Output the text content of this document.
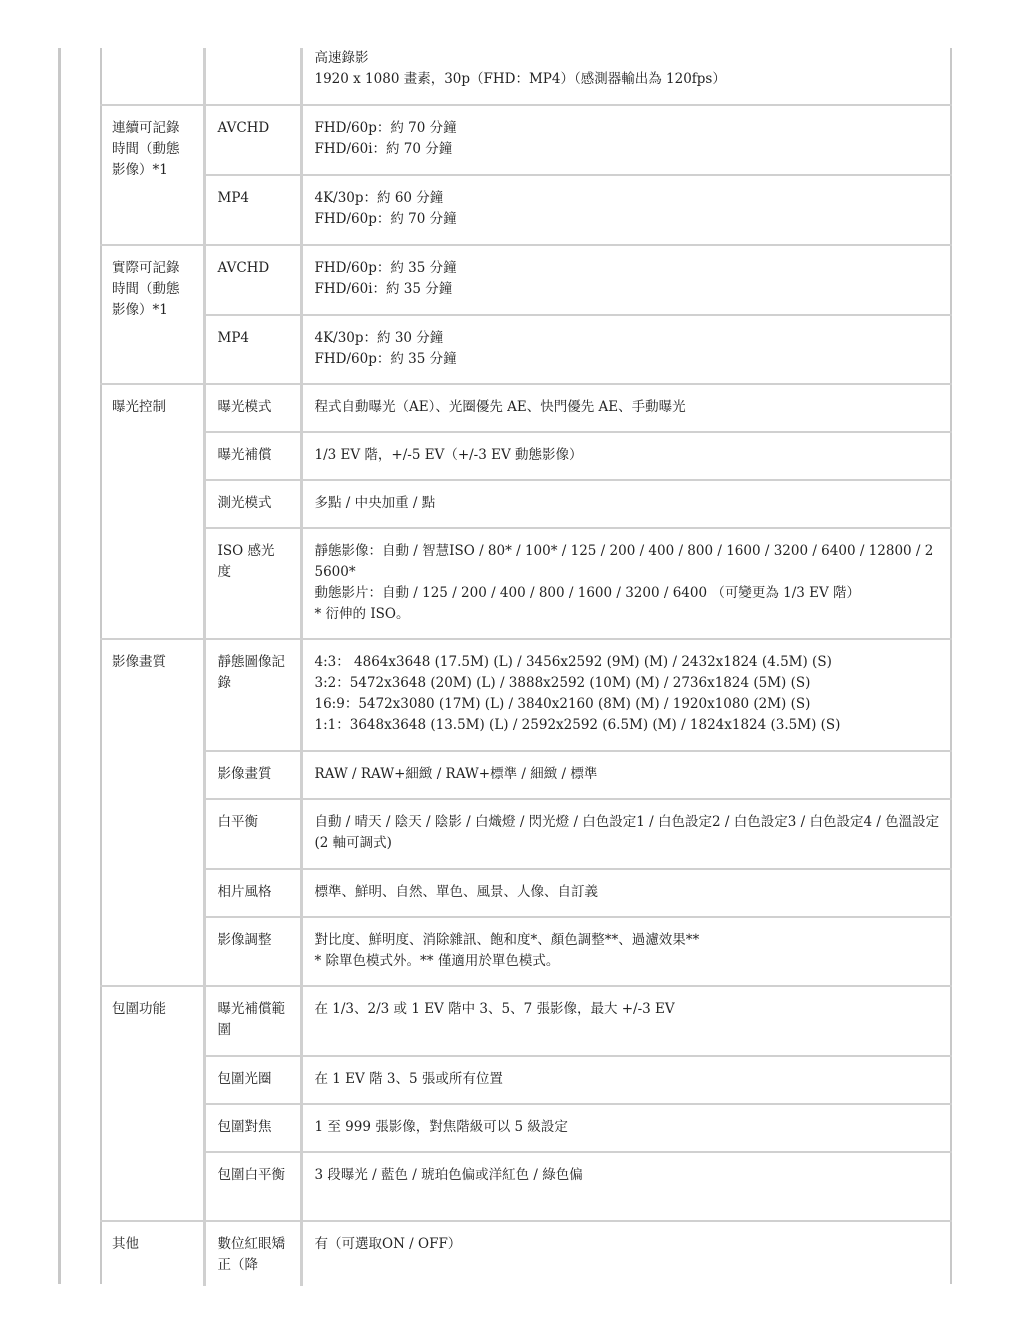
		高速錄影
1920 x 1080 畫素，30p（FHD：MP4）（感測器輸出為 120fps）

連續可記錄時間（動態影像）*1	AVCHD	FHD/60p：約 70 分鐘
FHD/60i：約 70 分鐘

	MP4	4K/30p：約 60 分鐘
FHD/60p：約 70 分鐘

實際可記錄時間（動態影像）*1	AVCHD	FHD/60p：約 35 分鐘
FHD/60i：約 35 分鐘

	MP4	4K/30p：約 30 分鐘
FHD/60p：約 35 分鐘

曝光控制	曝光模式	程式自動曝光（AE）、光圈優先 AE、快門優先 AE、手動曝光

	曝光補償	1/3 EV 階，+/-5 EV（+/-3 EV 動態影像）

	測光模式	多點 / 中央加重 / 點

	ISO 感光度	靜態影像：自動 / 智慧ISO / 80* / 100* / 125 / 200 / 400 / 800 / 1600 / 3200 / 6400 / 12800 / 25600*
動態影片：自動 / 125 / 200 / 400 / 800 / 1600 / 3200 / 6400 （可變更為 1/3 EV 階）
* 衍伸的 ISO。

影像畫質	靜態圖像記錄	4:3： 4864x3648 (17.5M) (L) / 3456x2592 (9M) (M) / 2432x1824 (4.5M) (S)
3:2：5472x3648 (20M) (L) / 3888x2592 (10M) (M) / 2736x1824 (5M) (S)
16:9：5472x3080 (17M) (L) / 3840x2160 (8M) (M) / 1920x1080 (2M) (S)
1:1：3648x3648 (13.5M) (L) / 2592x2592 (6.5M) (M) / 1824x1824 (3.5M) (S)

	影像畫質	RAW / RAW+細緻 / RAW+標準 / 細緻 / 標準

	白平衡	自動 / 晴天 / 陰天 / 陰影 / 白熾燈 / 閃光燈 / 白色設定1 / 白色設定2 / 白色設定3 / 白色設定4 / 色溫設定 (2 軸可調式)

	相片風格	標準、鮮明、自然、單色、風景、人像、自訂義

	影像調整	對比度、鮮明度、消除雜訊、飽和度*、顏色調整**、過濾效果**
* 除單色模式外。** 僅適用於單色模式。

包圍功能	曝光補償範圍	在 1/3、2/3 或 1 EV 階中 3、5、7 張影像，最大 +/-3 EV

	包圍光圈	在 1 EV 階 3、5 張或所有位置

	包圍對焦	1 至 999 張影像，對焦階級可以 5 級設定

	包圍白平衡	3 段曝光 / 藍色 / 琥珀色偏或洋紅色 / 綠色偏

其他	數位紅眼矯正（降	有（可選取ON / OFF）
